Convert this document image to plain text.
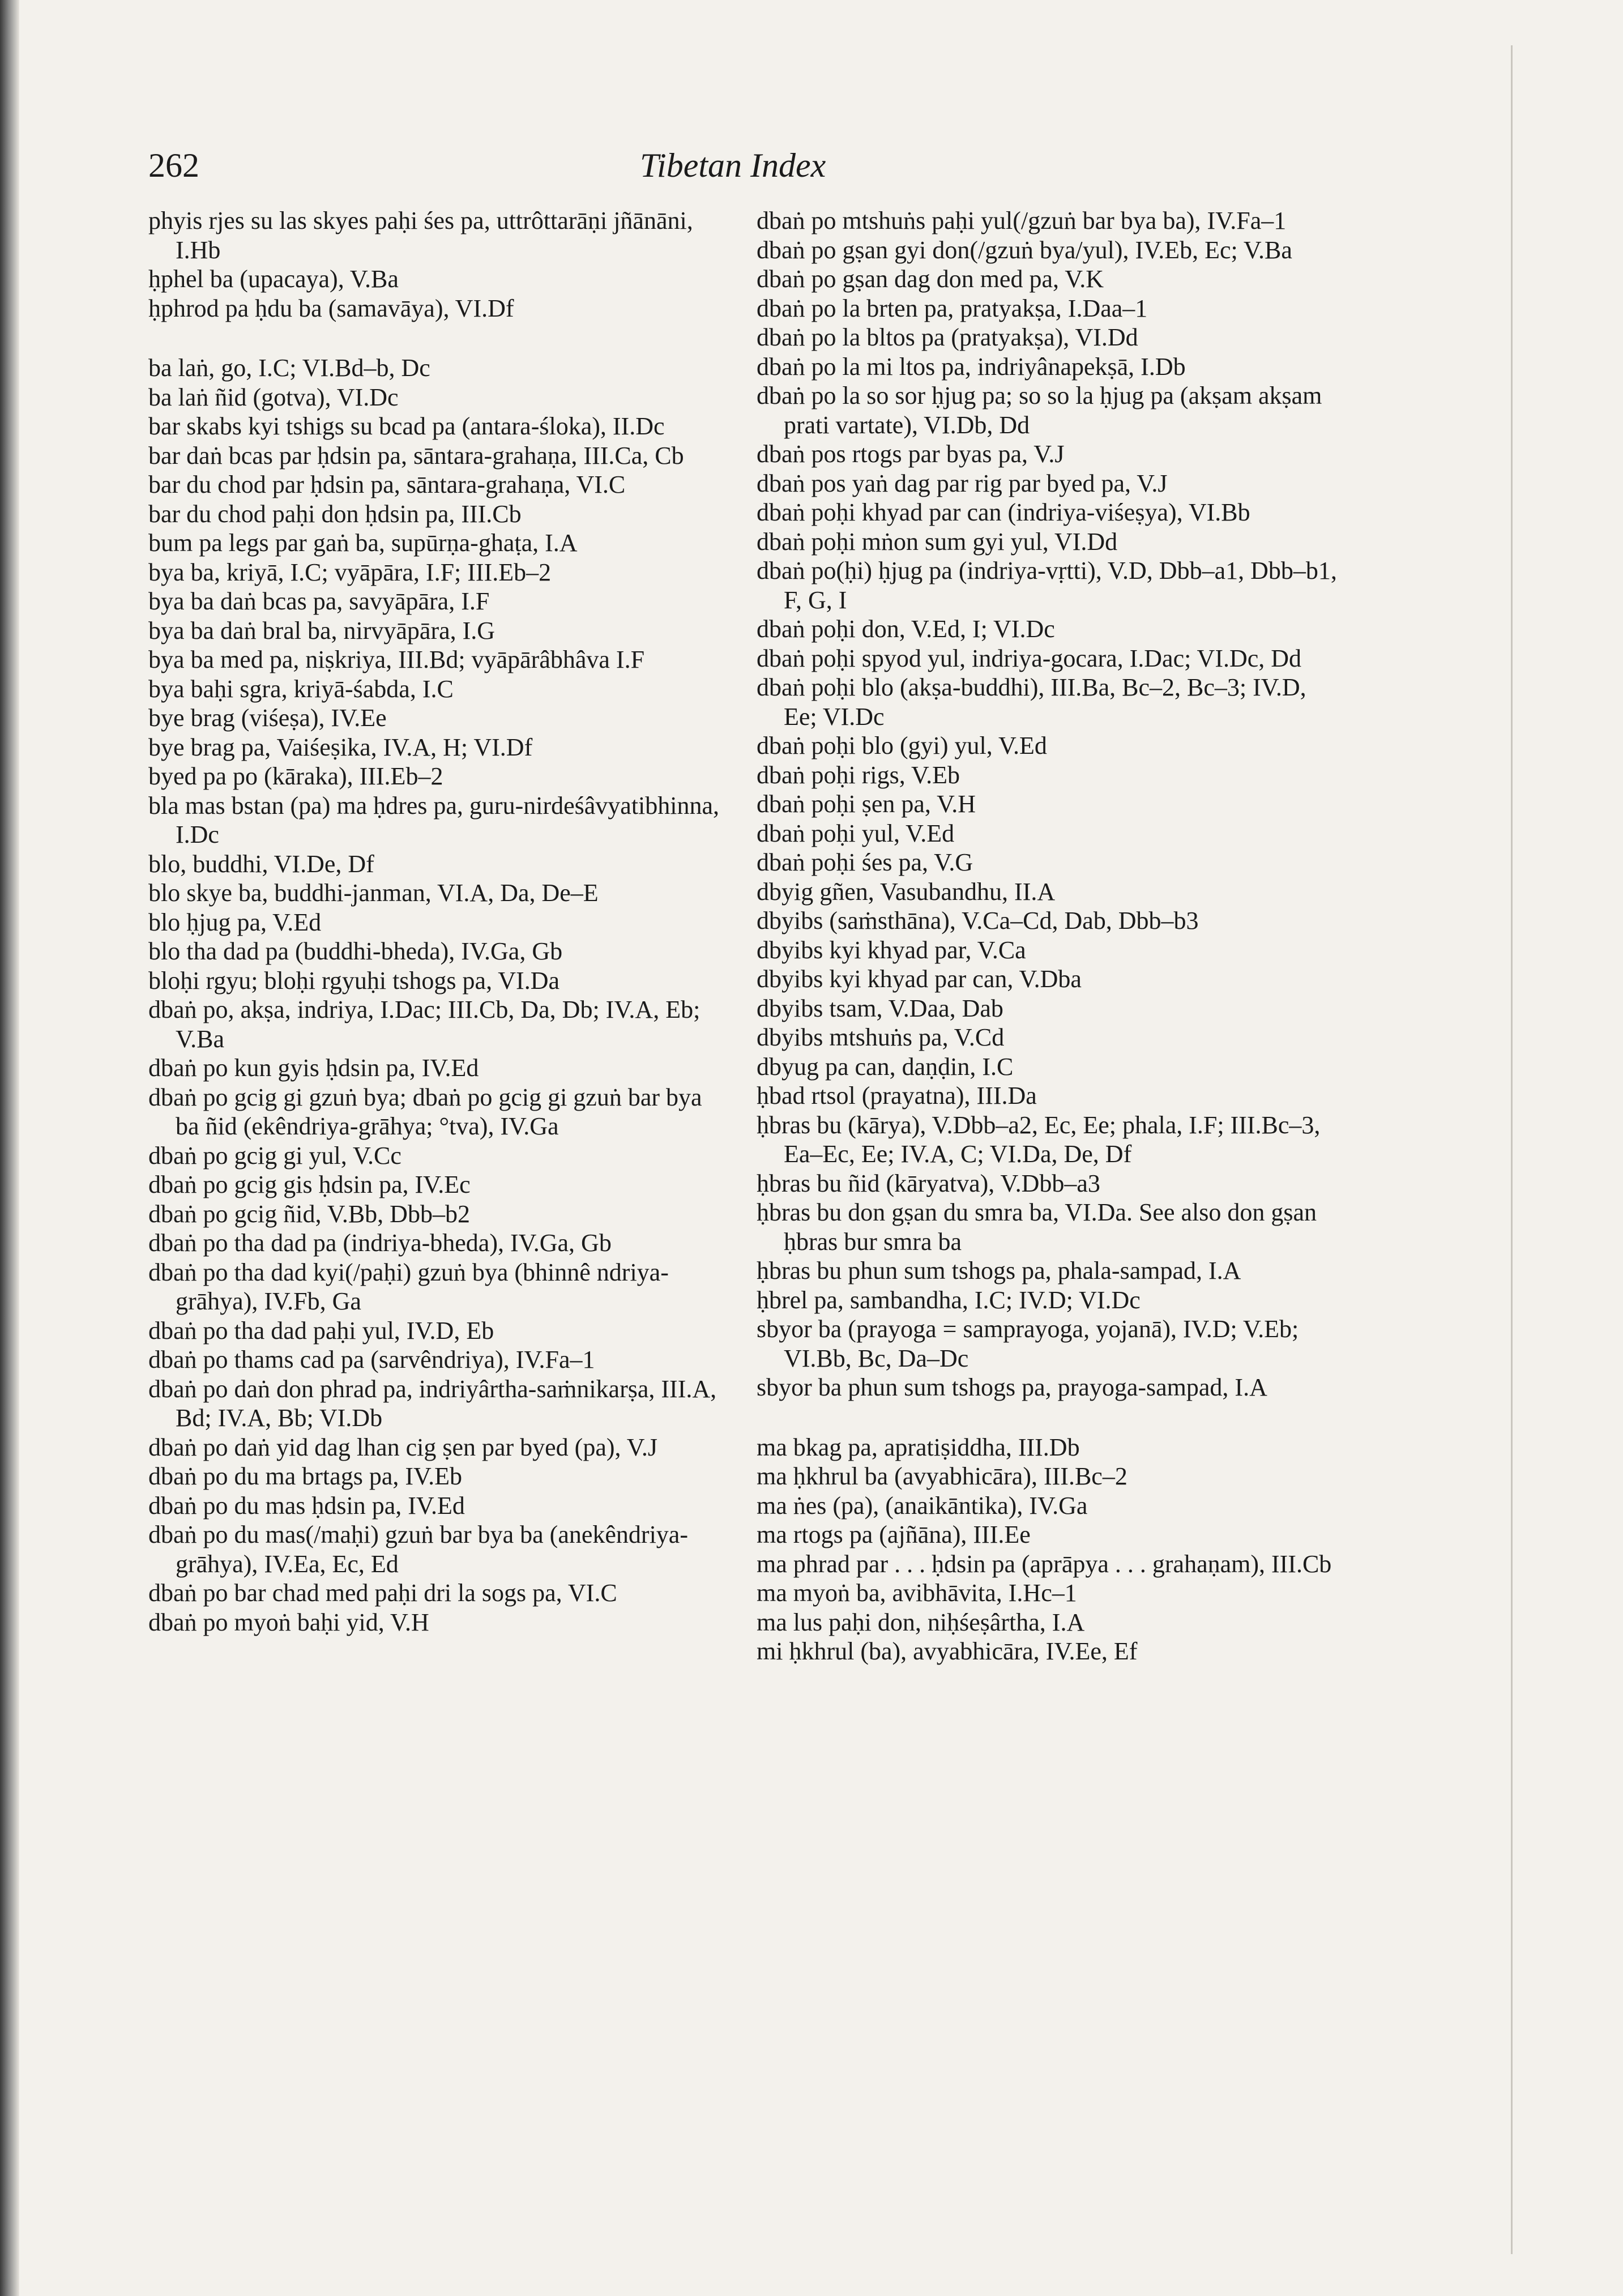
262	Tibetan Index
phyis rjes su las skyes paḥi śes pa, uttrôttarāṇi jñānāni, I.Hb
ḥphel ba (upacaya), V.Ba
ḥphrod pa ḥdu ba (samavāya), VI.Df
ba laṅ, go, I.C; VI.Bd–b, Dc
ba laṅ ñid (gotva), VI.Dc
bar skabs kyi tshigs su bcad pa (antara-śloka), II.Dc
bar daṅ bcas par ḥdsin pa, sāntara-grahaṇa, III.Ca, Cb
bar du chod par ḥdsin pa, sāntara-grahaṇa, VI.C
bar du chod paḥi don ḥdsin pa, III.Cb
bum pa legs par gaṅ ba, supūrṇa-ghaṭa, I.A
bya ba, kriyā, I.C; vyāpāra, I.F; III.Eb–2
bya ba daṅ bcas pa, savyāpāra, I.F
bya ba daṅ bral ba, nirvyāpāra, I.G
bya ba med pa, niṣkriya, III.Bd; vyāpārâbhâva I.F
bya baḥi sgra, kriyā-śabda, I.C
bye brag (viśeṣa), IV.Ee
bye brag pa, Vaiśeṣika, IV.A, H; VI.Df
byed pa po (kāraka), III.Eb–2
bla mas bstan (pa) ma ḥdres pa, guru-nirdeśâvyatibhinna, I.Dc
blo, buddhi, VI.De, Df
blo skye ba, buddhi-janman, VI.A, Da, De–E
blo ḥjug pa, V.Ed
blo tha dad pa (buddhi-bheda), IV.Ga, Gb
bloḥi rgyu; bloḥi rgyuḥi tshogs pa, VI.Da
dbaṅ po, akṣa, indriya, I.Dac; III.Cb, Da, Db; IV.A, Eb; V.Ba
dbaṅ po kun gyis ḥdsin pa, IV.Ed
dbaṅ po gcig gi gzuṅ bya; dbaṅ po gcig gi gzuṅ bar bya ba ñid (ekêndriya-grāhya; °tva), IV.Ga
dbaṅ po gcig gi yul, V.Cc
dbaṅ po gcig gis ḥdsin pa, IV.Ec
dbaṅ po gcig ñid, V.Bb, Dbb–b2
dbaṅ po tha dad pa (indriya-bheda), IV.Ga, Gb
dbaṅ po tha dad kyi(/paḥi) gzuṅ bya (bhinnê ndriya-grāhya), IV.Fb, Ga
dbaṅ po tha dad paḥi yul, IV.D, Eb
dbaṅ po thams cad pa (sarvêndriya), IV.Fa–1
dbaṅ po daṅ don phrad pa, indriyârtha-saṁnikarṣa, III.A, Bd; IV.A, Bb; VI.Db
dbaṅ po daṅ yid dag lhan cig ṣen par byed (pa), V.J
dbaṅ po du ma brtags pa, IV.Eb
dbaṅ po du mas ḥdsin pa, IV.Ed
dbaṅ po du mas(/maḥi) gzuṅ bar bya ba (anekêndriya-grāhya), IV.Ea, Ec, Ed
dbaṅ po bar chad med paḥi dri la sogs pa, VI.C
dbaṅ po myoṅ baḥi yid, V.H
dbaṅ po mtshuṅs paḥi yul(/gzuṅ bar bya ba), IV.Fa–1
dbaṅ po gṣan gyi don(/gzuṅ bya/yul), IV.Eb, Ec; V.Ba
dbaṅ po gṣan dag don med pa, V.K
dbaṅ po la brten pa, pratyakṣa, I.Daa–1
dbaṅ po la bltos pa (pratyakṣa), VI.Dd
dbaṅ po la mi ltos pa, indriyânapekṣā, I.Db
dbaṅ po la so sor ḥjug pa; so so la ḥjug pa (akṣam akṣam prati vartate), VI.Db, Dd
dbaṅ pos rtogs par byas pa, V.J
dbaṅ pos yaṅ dag par rig par byed pa, V.J
dbaṅ poḥi khyad par can (indriya-viśeṣya), VI.Bb
dbaṅ poḥi mṅon sum gyi yul, VI.Dd
dbaṅ po(ḥi) ḥjug pa (indriya-vṛtti), V.D, Dbb–a1, Dbb–b1, F, G, I
dbaṅ poḥi don, V.Ed, I; VI.Dc
dbaṅ poḥi spyod yul, indriya-gocara, I.Dac; VI.Dc, Dd
dbaṅ poḥi blo (akṣa-buddhi), III.Ba, Bc–2, Bc–3; IV.D, Ee; VI.Dc
dbaṅ poḥi blo (gyi) yul, V.Ed
dbaṅ poḥi rigs, V.Eb
dbaṅ poḥi ṣen pa, V.H
dbaṅ poḥi yul, V.Ed
dbaṅ poḥi śes pa, V.G
dbyig gñen, Vasubandhu, II.A
dbyibs (saṁsthāna), V.Ca–Cd, Dab, Dbb–b3
dbyibs kyi khyad par, V.Ca
dbyibs kyi khyad par can, V.Dba
dbyibs tsam, V.Daa, Dab
dbyibs mtshuṅs pa, V.Cd
dbyug pa can, daṇḍin, I.C
ḥbad rtsol (prayatna), III.Da
ḥbras bu (kārya), V.Dbb–a2, Ec, Ee; phala, I.F; III.Bc–3, Ea–Ec, Ee; IV.A, C; VI.Da, De, Df
ḥbras bu ñid (kāryatva), V.Dbb–a3
ḥbras bu don gṣan du smra ba, VI.Da. See also don gṣan ḥbras bur smra ba
ḥbras bu phun sum tshogs pa, phala-sampad, I.A
ḥbrel pa, sambandha, I.C; IV.D; VI.Dc
sbyor ba (prayoga = samprayoga, yojanā), IV.D; V.Eb; VI.Bb, Bc, Da–Dc
sbyor ba phun sum tshogs pa, prayoga-sampad, I.A
ma bkag pa, apratiṣiddha, III.Db
ma ḥkhrul ba (avyabhicāra), III.Bc–2
ma ṅes (pa), (anaikāntika), IV.Ga
ma rtogs pa (ajñāna), III.Ee
ma phrad par . . . ḥdsin pa (aprāpya . . . grahaṇam), III.Cb
ma myoṅ ba, avibhāvita, I.Hc–1
ma lus paḥi don, niḥśeṣârtha, I.A
mi ḥkhrul (ba), avyabhicāra, IV.Ee, Ef
